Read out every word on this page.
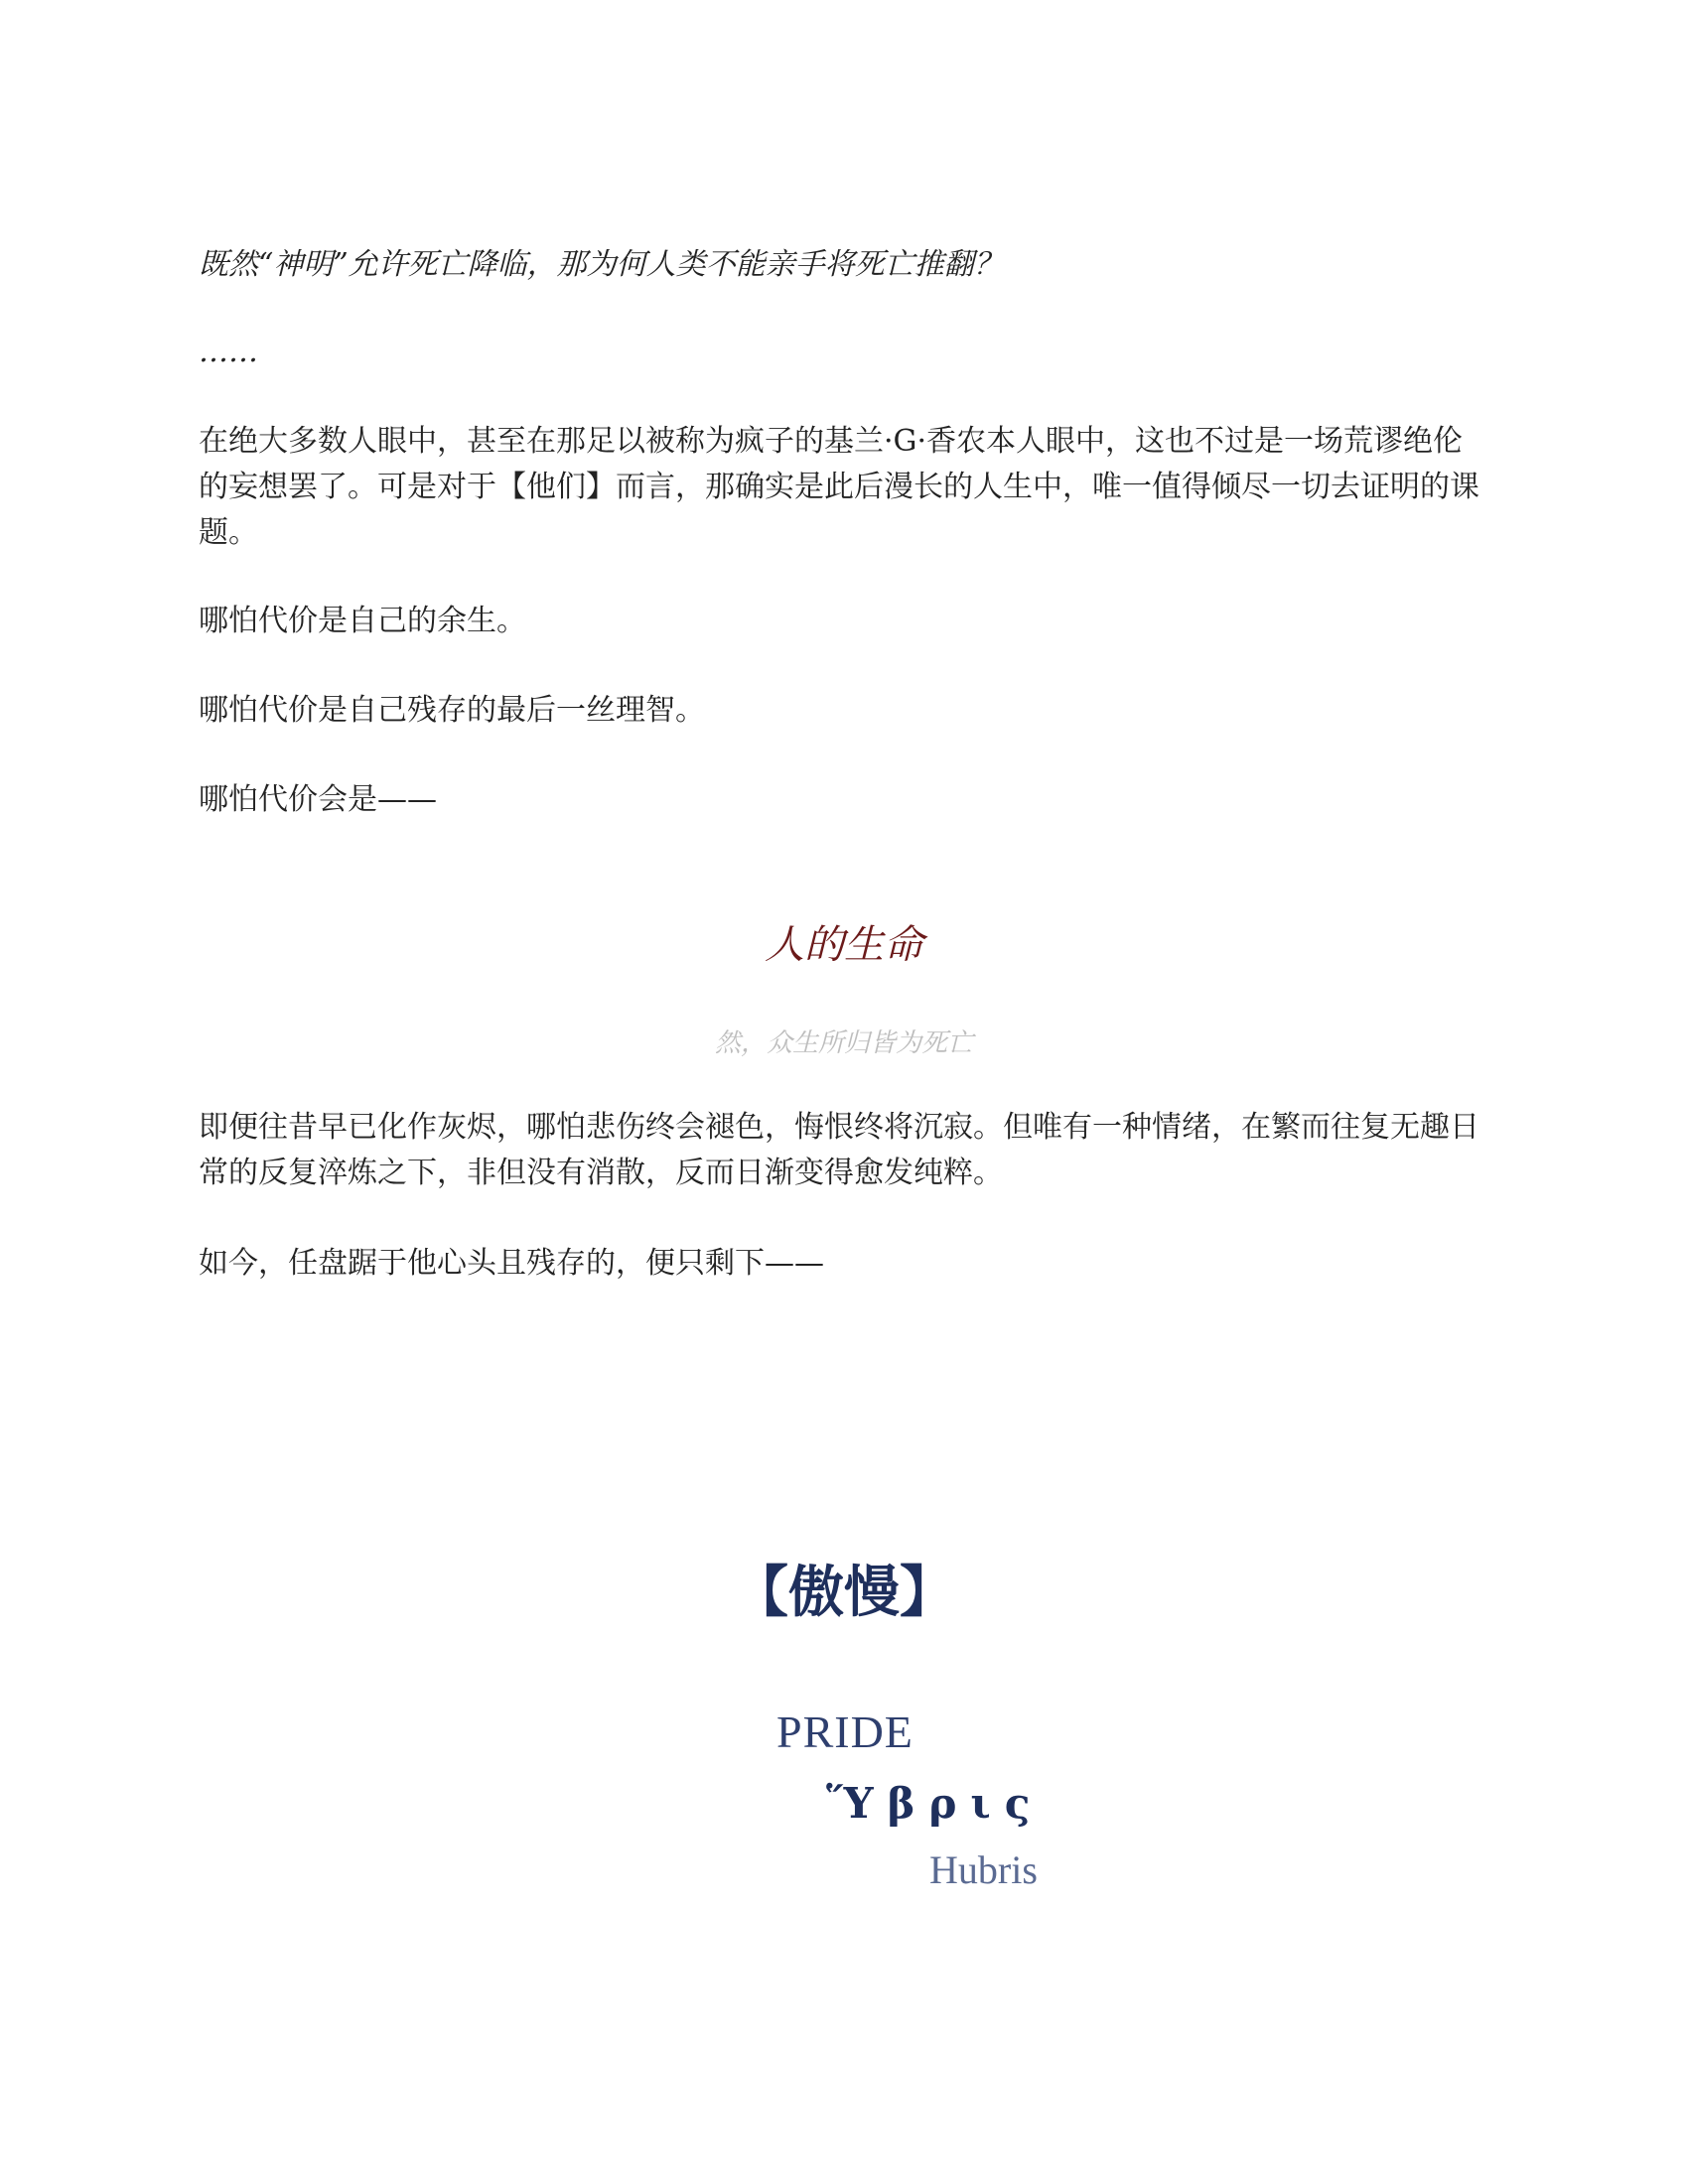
既然“神明”允许死亡降临，那为何人类不能亲手将死亡推翻？

……

在绝大多数人眼中，甚至在那足以被称为疯子的基兰·G·香农本人眼中，这也不过是一场荒谬绝伦的妄想罢了。可是对于【他们】而言，那确实是此后漫长的人生中，唯一值得倾尽一切去证明的课题。

哪怕代价是自己的余生。

哪怕代价是自己残存的最后一丝理智。

哪怕代价会是——

人的生命

然，众生所归皆为死亡

即便往昔早已化作灰烬，哪怕悲伤终会褪色，悔恨终将沉寂。但唯有一种情绪，在繁而往复无趣日常的反复淬炼之下，非但没有消散，反而日渐变得愈发纯粹。

如今，任盘踞于他心头且残存的，便只剩下——

【傲慢】

PRIDE
Ὕβρις
Hubris
